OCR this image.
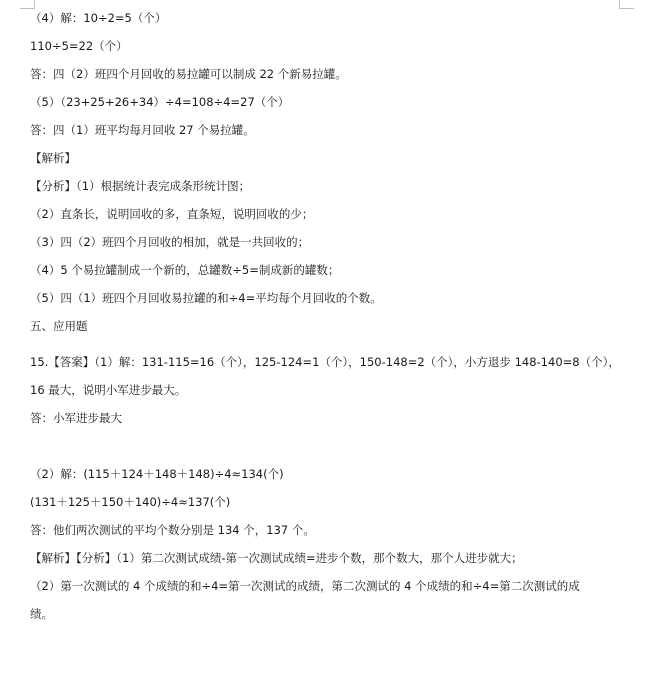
（4）解：10÷2=5（个）
110÷5=22（个）
答：四（2）班四个月回收的易拉罐可以制成 22 个新易拉罐。
（5）（23+25+26+34）÷4=108÷4=27（个）
答：四（1）班平均每月回收 27 个易拉罐。
【解析】
【分析】（1）根据统计表完成条形统计图；
（2）直条长，说明回收的多，直条短，说明回收的少；
（3）四（2）班四个月回收的相加，就是一共回收的；
（4）5 个易拉罐制成一个新的，总罐数÷5=制成新的罐数；
（5）四（1）班四个月回收易拉罐的和÷4=平均每个月回收的个数。
五、应用题
15.【答案】（1）解：131-115=16（个），125-124=1（个），150-148=2（个），小方退步 148-140=8（个），
16 最大，说明小军进步最大。
答：小军进步最大
（2）解：(115＋124＋148＋148)÷4≈134(个)
(131＋125＋150＋140)÷4≈137(个)
答：他们两次测试的平均个数分别是 134 个，137 个。
【解析】【分析】（1）第二次测试成绩-第一次测试成绩=进步个数，那个数大，那个人进步就大；
（2）第一次测试的 4 个成绩的和÷4=第一次测试的成绩，第二次测试的 4 个成绩的和÷4=第二次测试的成
绩。
